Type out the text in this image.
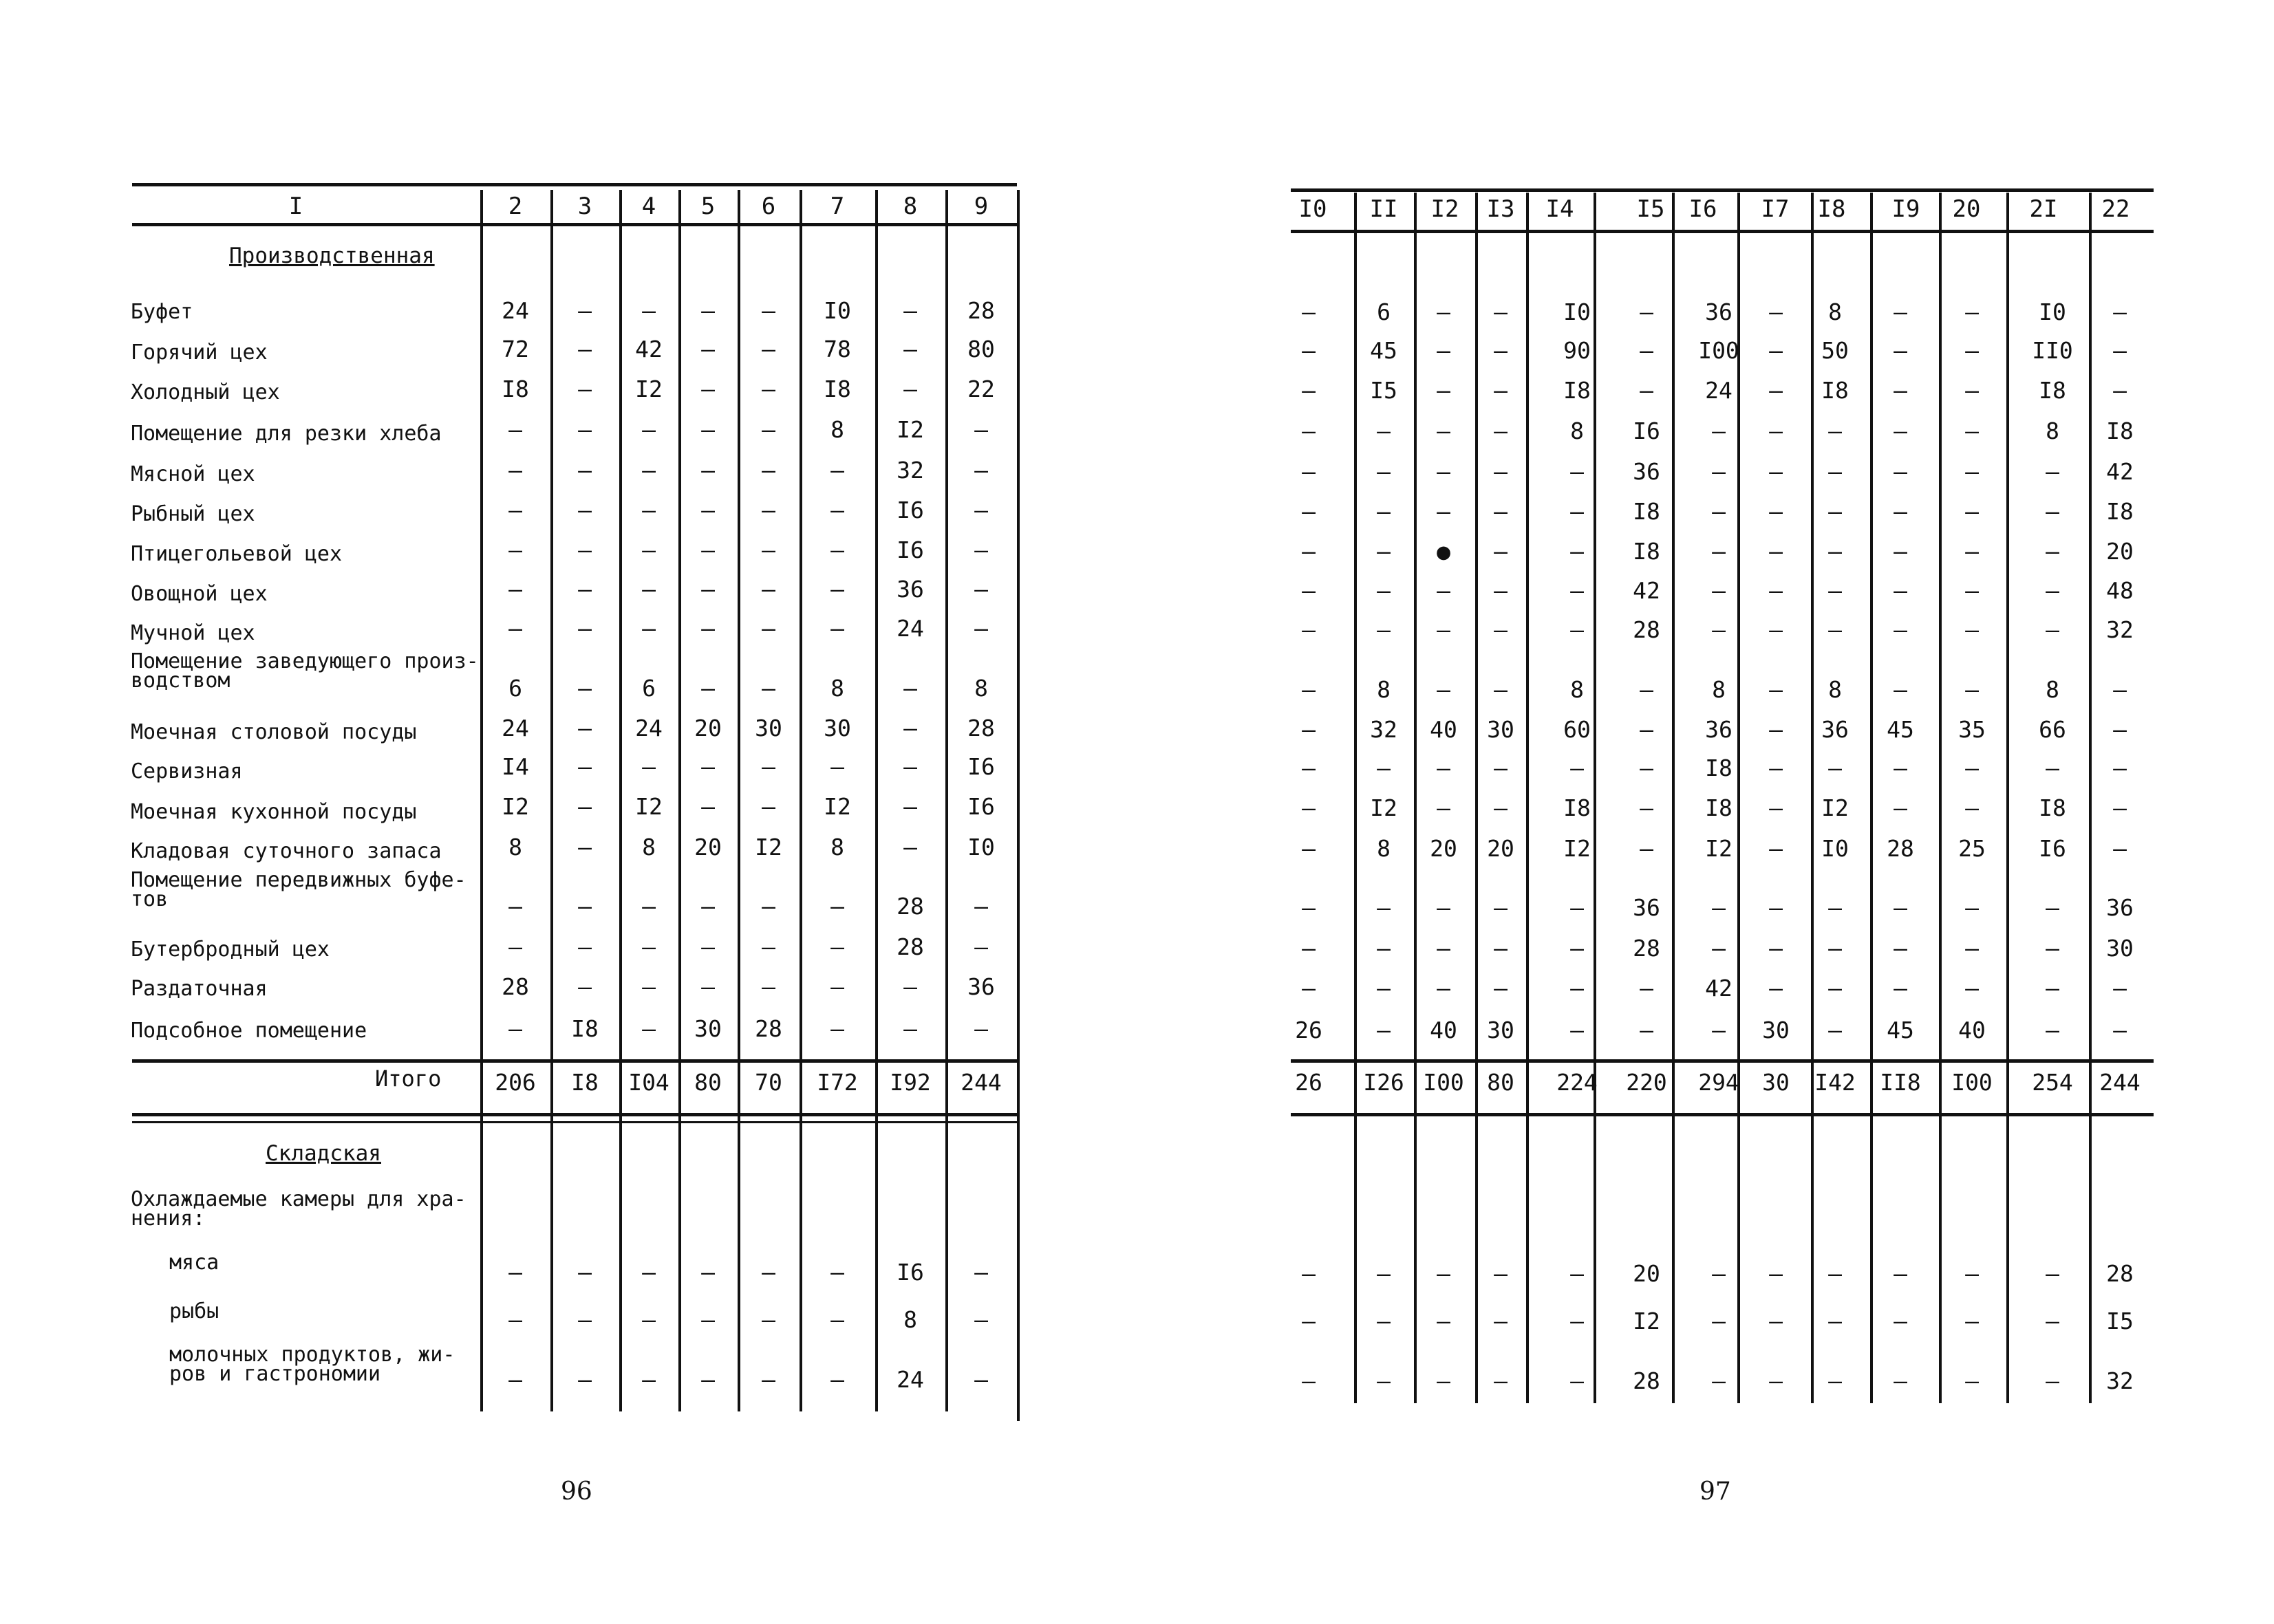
96	97
I	2 3 4 5 6 7	8 9
Производственная
Буфет	24 – – – – I0 – 28
Горячий цех	72 – 42 – – 78 – 80
Холодный цех	I8 – I2 – – I8 – 22
Помещение для резки хлеба	– – – – – 8 I2 –
Мясной цех	– – – – – – 32 –
Рыбный цех	– – – – – – I6 –
Птицегольевой цех	– – – – – – I6 –
Овощной цех	– – – – – – 36 –
Мучной цех	– – – – – – 24 –
Помещение заведующего произ-
водством	6 – 6 – – 8	–	8
Моечная столовой посуды	24 – 24 20 30 30 – 28
Сервизная	I4 – – – – –	– I6
Моечная кухонной посуды	I2 – I2 – – I2 – I6
Кладовая суточного запаса	8 – 8 20 I2 8	– I0
Помещение передвижных буфе-
тов	– – – – – – 28 –
Бутербродный цех	– – – – – – 28 –
Раздаточная	28 – – – – –	– 36
Подсобное помещение	– I8 – 30 28 –	–	–
Итого 206 I8 I04 80 70 I72 I92 244
Складская
Охлаждаемые камеры для хра-
нения:
мяса	– – – – – – I6 –
рыбы	– – – – – –	8	–
молочных продуктов, жи-
ров и гастрономии	– – – – – – 24 –
I0 II I2 I3 I4	I5 I6 I7 I8 I9 20 2I 22
–	6 – – I0 – 36 – 8 –	–	I0 –
– 45 – – 90 – I00 – 50 –	– II0 –
– I5 – – I8 – 24 – I8 –	–	I8 –
–	– – –	8 I6 – – – –	–	8 I8
–	– – –	– 36 – – – –	–	– 42
–	– – –	– I8 – – – –	–	– I8
–	– ● –	– I8 – – – –	–	– 20
–	– – –	– 42 – – – –	–	– 48
–	– – –	– 28 – – – –	–	– 32
–	8 – –	8 –	8 – 8 –	–	8 –
– 32 40 30 60 – 36 – 36 45 35 66 –
–	– – –	– – I8 – – –	–	– –
– I2 – – I8 – I8 – I2 –	–	I8 –
–	8 20 20 I2 – I2 – I0 28 25 I6 –
–	– – –	– 36 – – – –	–	– 36
–	– – –	– 28 – – – –	–	– 30
–	– – –	– – 42 – – –	–	– –
26 – 40 30 – –	– 30 – 45 40	– –
26 I26 I00 80 224 220 294 30 I42 II8 I00 254 244
–	– – –	– 20 – – – –	–	– 28
–	– – –	– I2 – – – –	–	– I5
–	– – –	– 28 – – – –	–	– 32
